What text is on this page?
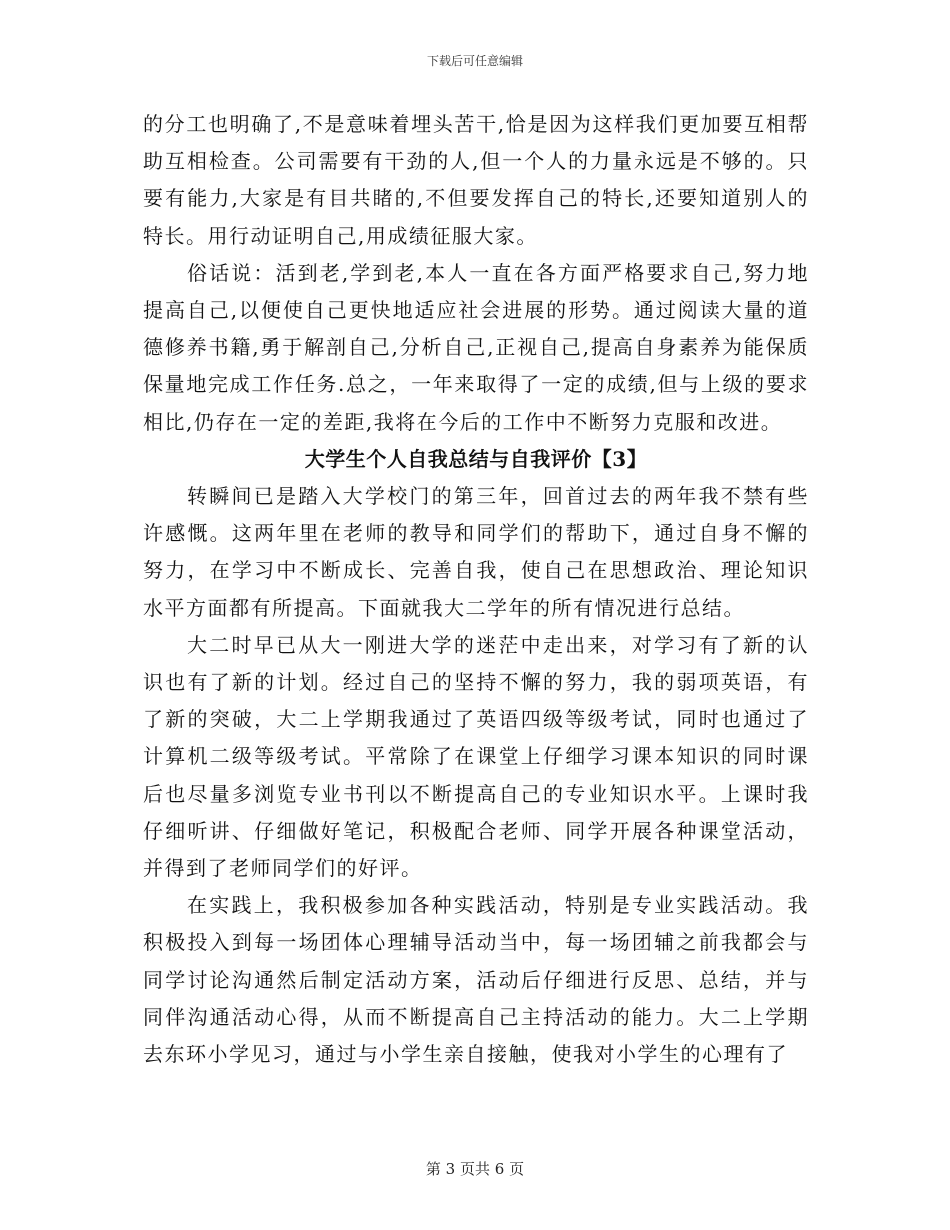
下载后可任意编辑

的分工也明确了,不是意味着埋头苦干,恰是因为这样我们更加要互相帮助互相检查。公司需要有干劲的人,但一个人的力量永远是不够的。只要有能力,大家是有目共睹的,不但要发挥自己的特长,还要知道别人的特长。用行动证明自己,用成绩征服大家。

俗话说：活到老,学到老,本人一直在各方面严格要求自己,努力地提高自己,以便使自己更快地适应社会进展的形势。通过阅读大量的道德修养书籍,勇于解剖自己,分析自己,正视自己,提高自身素养为能保质保量地完成工作任务.总之，一年来取得了一定的成绩,但与上级的要求相比,仍存在一定的差距,我将在今后的工作中不断努力克服和改进。

大学生个人自我总结与自我评价【3】

转瞬间已是踏入大学校门的第三年，回首过去的两年我不禁有些许感慨。这两年里在老师的教导和同学们的帮助下，通过自身不懈的努力，在学习中不断成长、完善自我，使自己在思想政治、理论知识水平方面都有所提高。下面就我大二学年的所有情况进行总结。

大二时早已从大一刚进大学的迷茫中走出来，对学习有了新的认识也有了新的计划。经过自己的坚持不懈的努力，我的弱项英语，有了新的突破，大二上学期我通过了英语四级等级考试，同时也通过了计算机二级等级考试。平常除了在课堂上仔细学习课本知识的同时课后也尽量多浏览专业书刊以不断提高自己的专业知识水平。上课时我仔细听讲、仔细做好笔记，积极配合老师、同学开展各种课堂活动，并得到了老师同学们的好评。

在实践上，我积极参加各种实践活动，特别是专业实践活动。我积极投入到每一场团体心理辅导活动当中，每一场团辅之前我都会与同学讨论沟通然后制定活动方案，活动后仔细进行反思、总结，并与同伴沟通活动心得，从而不断提高自己主持活动的能力。大二上学期去东环小学见习，通过与小学生亲自接触，使我对小学生的心理有了

第 3 页共 6 页
